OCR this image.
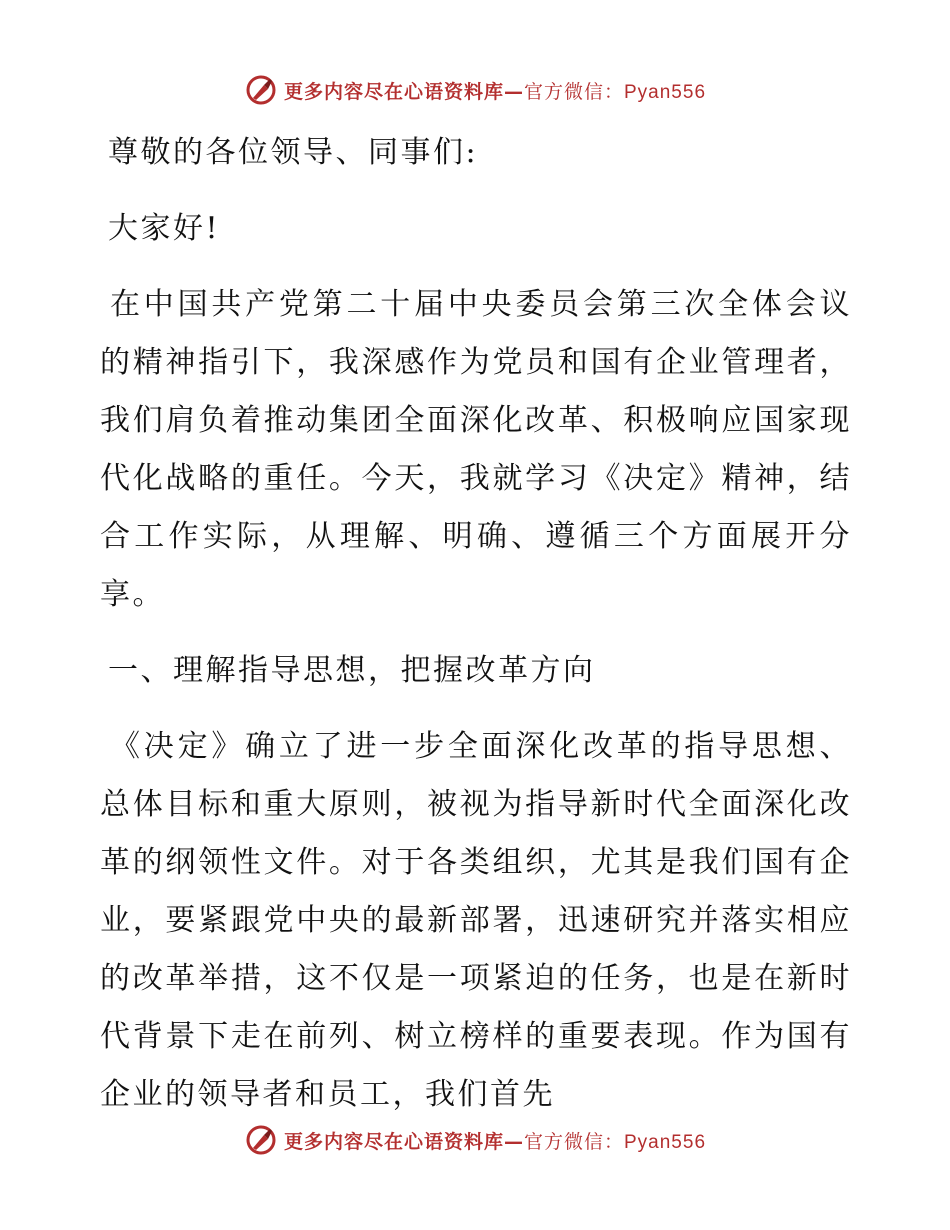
更多内容尽在心语资料库—官方微信：Pyan556

尊敬的各位领导、同事们:

大家好!

在中国共产党第二十届中央委员会第三次全体会议的精神指引下，我深感作为党员和国有企业管理者，我们肩负着推动集团全面深化改革、积极响应国家现代化战略的重任。今天，我就学习《决定》精神，结合工作实际，从理解、明确、遵循三个方面展开分享。

一、理解指导思想，把握改革方向

《决定》确立了进一步全面深化改革的指导思想、总体目标和重大原则，被视为指导新时代全面深化改革的纲领性文件。对于各类组织，尤其是我们国有企业，要紧跟党中央的最新部署，迅速研究并落实相应的改革举措，这不仅是一项紧迫的任务，也是在新时代背景下走在前列、树立榜样的重要表现。作为国有企业的领导者和员工，我们首先

更多内容尽在心语资料库—官方微信：Pyan556
